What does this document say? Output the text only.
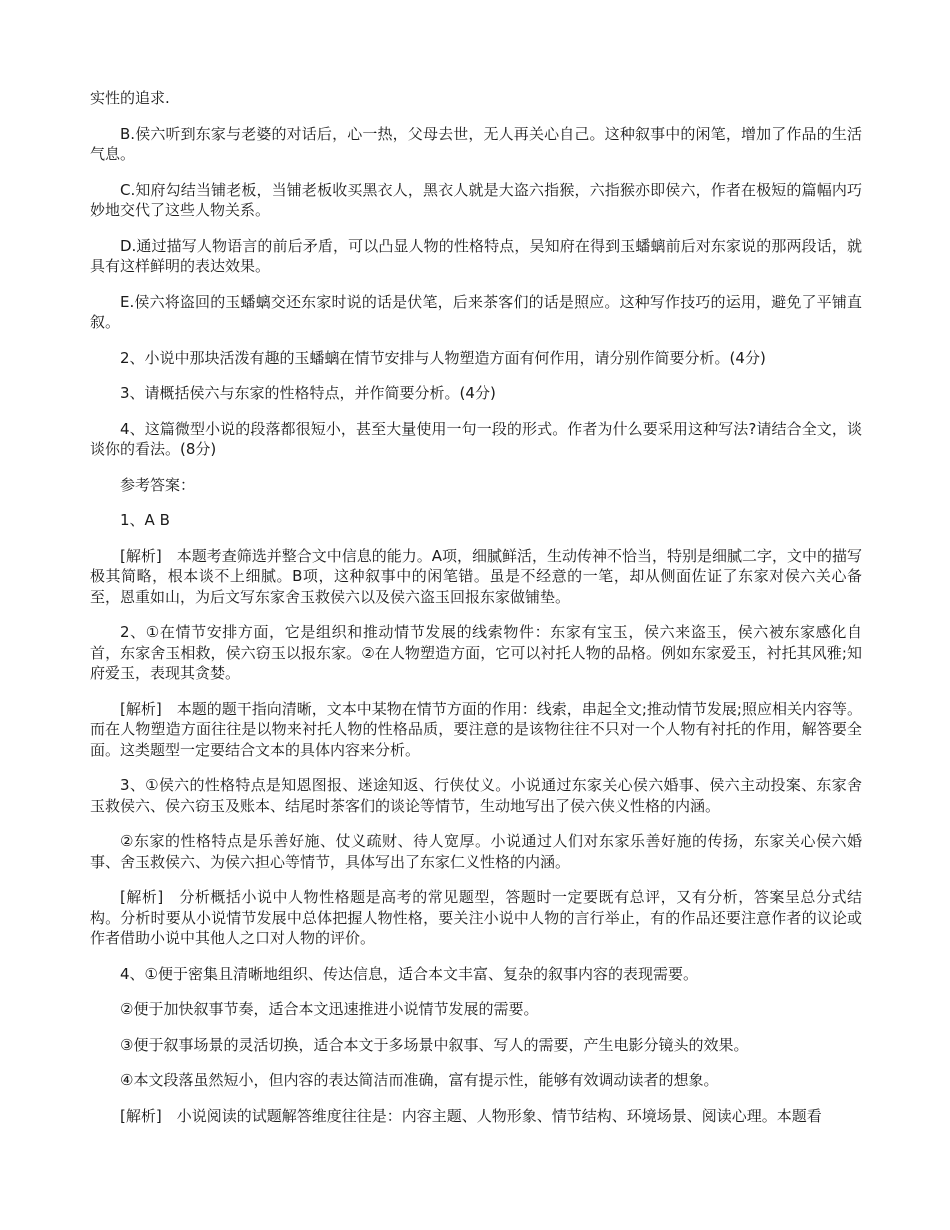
实性的追求.

B.侯六听到东家与老婆的对话后，心一热，父母去世，无人再关心自己。这种叙事中的闲笔，增加了作品的生活气息。

C.知府勾结当铺老板，当铺老板收买黑衣人，黑衣人就是大盗六指猴，六指猴亦即侯六，作者在极短的篇幅内巧妙地交代了这些人物关系。

D.通过描写人物语言的前后矛盾，可以凸显人物的性格特点，吴知府在得到玉蟠螭前后对东家说的那两段话，就具有这样鲜明的表达效果。

E.侯六将盗回的玉蟠螭交还东家时说的话是伏笔，后来茶客们的话是照应。这种写作技巧的运用，避免了平铺直叙。

2、小说中那块活泼有趣的玉蟠螭在情节安排与人物塑造方面有何作用，请分别作简要分析。(4分)

3、请概括侯六与东家的性格特点，并作简要分析。(4分)

4、这篇微型小说的段落都很短小，甚至大量使用一句一段的形式。作者为什么要采用这种写法?请结合全文，谈谈你的看法。(8分)

参考答案：

1、A B

[解析]　本题考查筛选并整合文中信息的能力。A项，细腻鲜活，生动传神不恰当，特别是细腻二字，文中的描写极其简略，根本谈不上细腻。B项，这种叙事中的闲笔错。虽是不经意的一笔，却从侧面佐证了东家对侯六关心备至，恩重如山，为后文写东家舍玉救侯六以及侯六盗玉回报东家做铺垫。

2、①在情节安排方面，它是组织和推动情节发展的线索物件：东家有宝玉，侯六来盗玉，侯六被东家感化自首，东家舍玉相救，侯六窃玉以报东家。②在人物塑造方面，它可以衬托人物的品格。例如东家爱玉，衬托其风雅;知府爱玉，表现其贪婪。

[解析]　本题的题干指向清晰，文本中某物在情节方面的作用：线索，串起全文;推动情节发展;照应相关内容等。而在人物塑造方面往往是以物来衬托人物的性格品质，要注意的是该物往往不只对一个人物有衬托的作用，解答要全面。这类题型一定要结合文本的具体内容来分析。

3、①侯六的性格特点是知恩图报、迷途知返、行侠仗义。小说通过东家关心侯六婚事、侯六主动投案、东家舍玉救侯六、侯六窃玉及账本、结尾时茶客们的谈论等情节，生动地写出了侯六侠义性格的内涵。

②东家的性格特点是乐善好施、仗义疏财、待人宽厚。小说通过人们对东家乐善好施的传扬，东家关心侯六婚事、舍玉救侯六、为侯六担心等情节，具体写出了东家仁义性格的内涵。

[解析]　分析概括小说中人物性格题是高考的常见题型，答题时一定要既有总评，又有分析，答案呈总分式结构。分析时要从小说情节发展中总体把握人物性格，要关注小说中人物的言行举止，有的作品还要注意作者的议论或作者借助小说中其他人之口对人物的评价。

4、①便于密集且清晰地组织、传达信息，适合本文丰富、复杂的叙事内容的表现需要。

②便于加快叙事节奏，适合本文迅速推进小说情节发展的需要。

③便于叙事场景的灵活切换，适合本文于多场景中叙事、写人的需要，产生电影分镜头的效果。

④本文段落虽然短小，但内容的表达简洁而准确，富有提示性，能够有效调动读者的想象。

[解析]　小说阅读的试题解答维度往往是：内容主题、人物形象、情节结构、环境场景、阅读心理。本题看
